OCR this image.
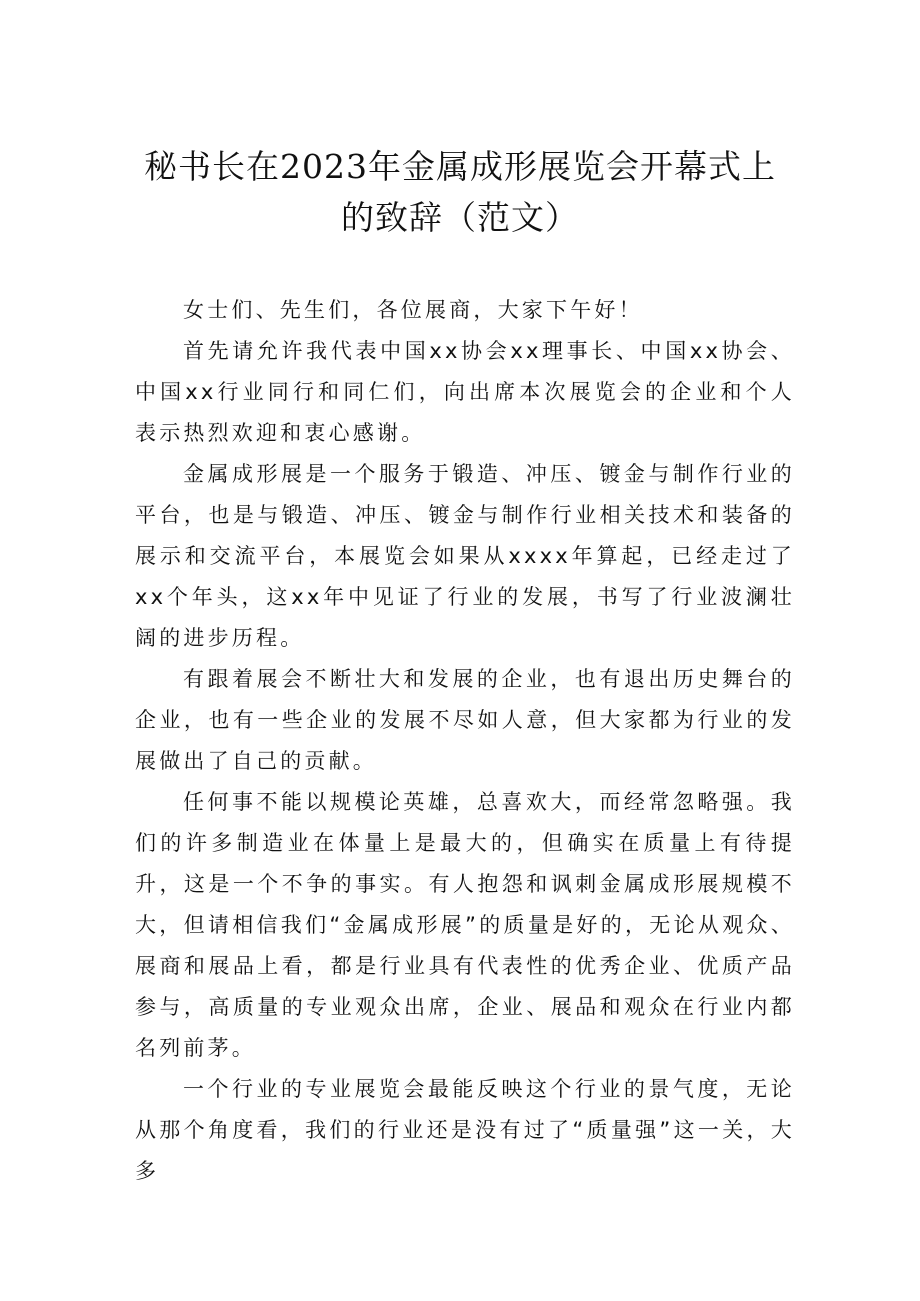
秘书长在2023年金属成形展览会开幕式上
的致辞（范文）

女士们、先生们，各位展商，大家下午好！

首先请允许我代表中国xx协会xx理事长、中国xx协会、中国xx行业同行和同仁们，向出席本次展览会的企业和个人表示热烈欢迎和衷心感谢。

金属成形展是一个服务于锻造、冲压、镀金与制作行业的平台，也是与锻造、冲压、镀金与制作行业相关技术和装备的展示和交流平台，本展览会如果从xxxx年算起，已经走过了xx个年头，这xx年中见证了行业的发展，书写了行业波澜壮阔的进步历程。

有跟着展会不断壮大和发展的企业，也有退出历史舞台的企业，也有一些企业的发展不尽如人意，但大家都为行业的发展做出了自己的贡献。

任何事不能以规模论英雄，总喜欢大，而经常忽略强。我们的许多制造业在体量上是最大的，但确实在质量上有待提升，这是一个不争的事实。有人抱怨和讽刺金属成形展规模不大，但请相信我们“金属成形展”的质量是好的，无论从观众、展商和展品上看，都是行业具有代表性的优秀企业、优质产品参与，高质量的专业观众出席，企业、展品和观众在行业内都名列前茅。

一个行业的专业展览会最能反映这个行业的景气度，无论从那个角度看，我们的行业还是没有过了“质量强”这一关，大多
